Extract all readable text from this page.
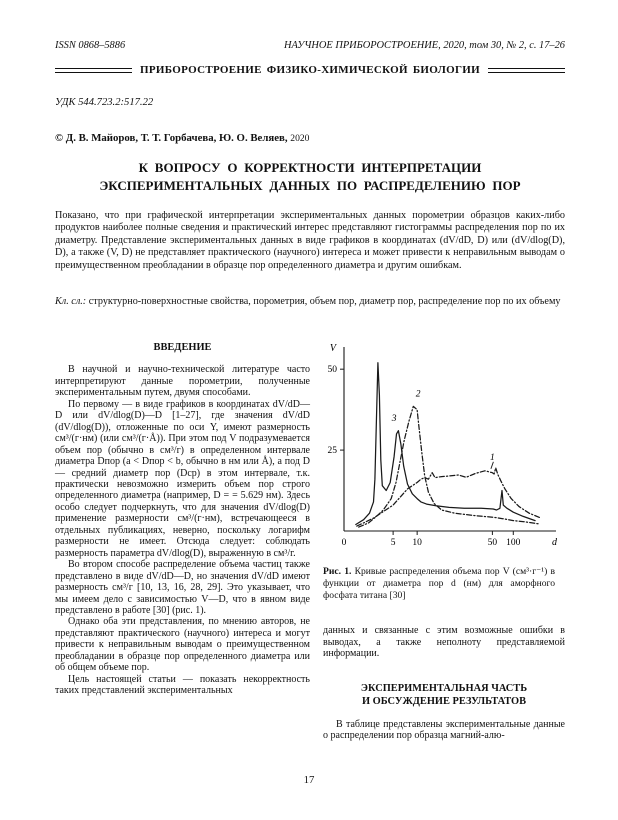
ISSN 0868–5886	НАУЧНОЕ ПРИБОРОСТРОЕНИЕ, 2020, том 30, № 2, c. 17–26
ПРИБОРОСТРОЕНИЕ ФИЗИКО-ХИМИЧЕСКОЙ БИОЛОГИИ
УДК 544.723.2:517.22
© Д. В. Майоров, Т. Т. Горбачева, Ю. О. Веляев, 2020
К ВОПРОСУ О КОРРЕКТНОСТИ ИНТЕРПРЕТАЦИИ
ЭКСПЕРИМЕНТАЛЬНЫХ ДАННЫХ ПО РАСПРЕДЕЛЕНИЮ ПОР
Показано, что при графической интерпретации экспериментальных данных порометрии образцов каких-либо продуктов наиболее полные сведения и практический интерес представляют гистограммы распределения пор по их диаметру. Представление экспериментальных данных в виде графиков в координатах (dV/dD, D) или (dV/dlog(D), D), а также (V, D) не представляет практического (научного) интереса и может привести к неправильным выводам о преимущественном преобладании в образце пор определенного диаметра и другим ошибкам.
Кл. сл.: структурно-поверхностные свойства, порометрия, объем пор, диаметр пор, распределение пор по их объему
ВВЕДЕНИЕ

В научной и научно-технической литературе часто интерпретируют данные порометрии, полученные экспериментальным путем, двумя способами.

По первому — в виде графиков в координатах dV/dD—D или dV/dlog(D)—D [1–27], где значения dV/dD (dV/dlog(D)), отложенные по оси Y, имеют размерность см³/(г·нм) (или см³/(г·Å)). При этом под V подразумевается объем пор (обычно в см³/г) в определенном интервале диаметра Dпор (a < Dпор < b, обычно в нм или Å), а под D — средний диаметр пор (Dср) в этом интервале, т.к. практически невозможно измерить объем пор строго определенного диаметра (например, D = = 5.629 нм). Здесь особо следует подчеркнуть, что для значения dV/dlog(D) применение размерности см³/(г·нм), встречающееся в отдельных публикациях, неверно, поскольку логарифм размерности не имеет. Отсюда следует: соблюдать размерность параметра dV/dlog(D), выраженную в см³/г.

Во втором способе распределение объема частиц также представлено в виде dV/dD—D, но значения dV/dD имеют размерность см³/г [10, 13, 16, 28, 29]. Это указывает, что мы имеем дело с зависимостью V—D, что в явном виде представлено в работе [30] (рис. 1).

Однако оба эти представления, по мнению авторов, не представляют практического (научного) интереса и могут привести к неправильным выводам о преимущественном преобладании в образце пор определенного диаметра или об общем объеме пор.

Цель настоящей статьи — показать некорректность таких представлений экспериментальных

25
50
V
0	5 10	50 100	d
1
2
3
Рис. 1. Кривые распределения объема пор V (см³·г⁻¹) в функции от диаметра пор d (нм) для аморфного фосфата титана [30]

данных и связанные с этим возможные ошибки в выводах, а также неполноту представляемой информации.

ЭКСПЕРИМЕНТАЛЬНАЯ ЧАСТЬ
И ОБСУЖДЕНИЕ РЕЗУЛЬТАТОВ

В таблице представлены экспериментальные данные о распределении пор образца магний-алю-

17
